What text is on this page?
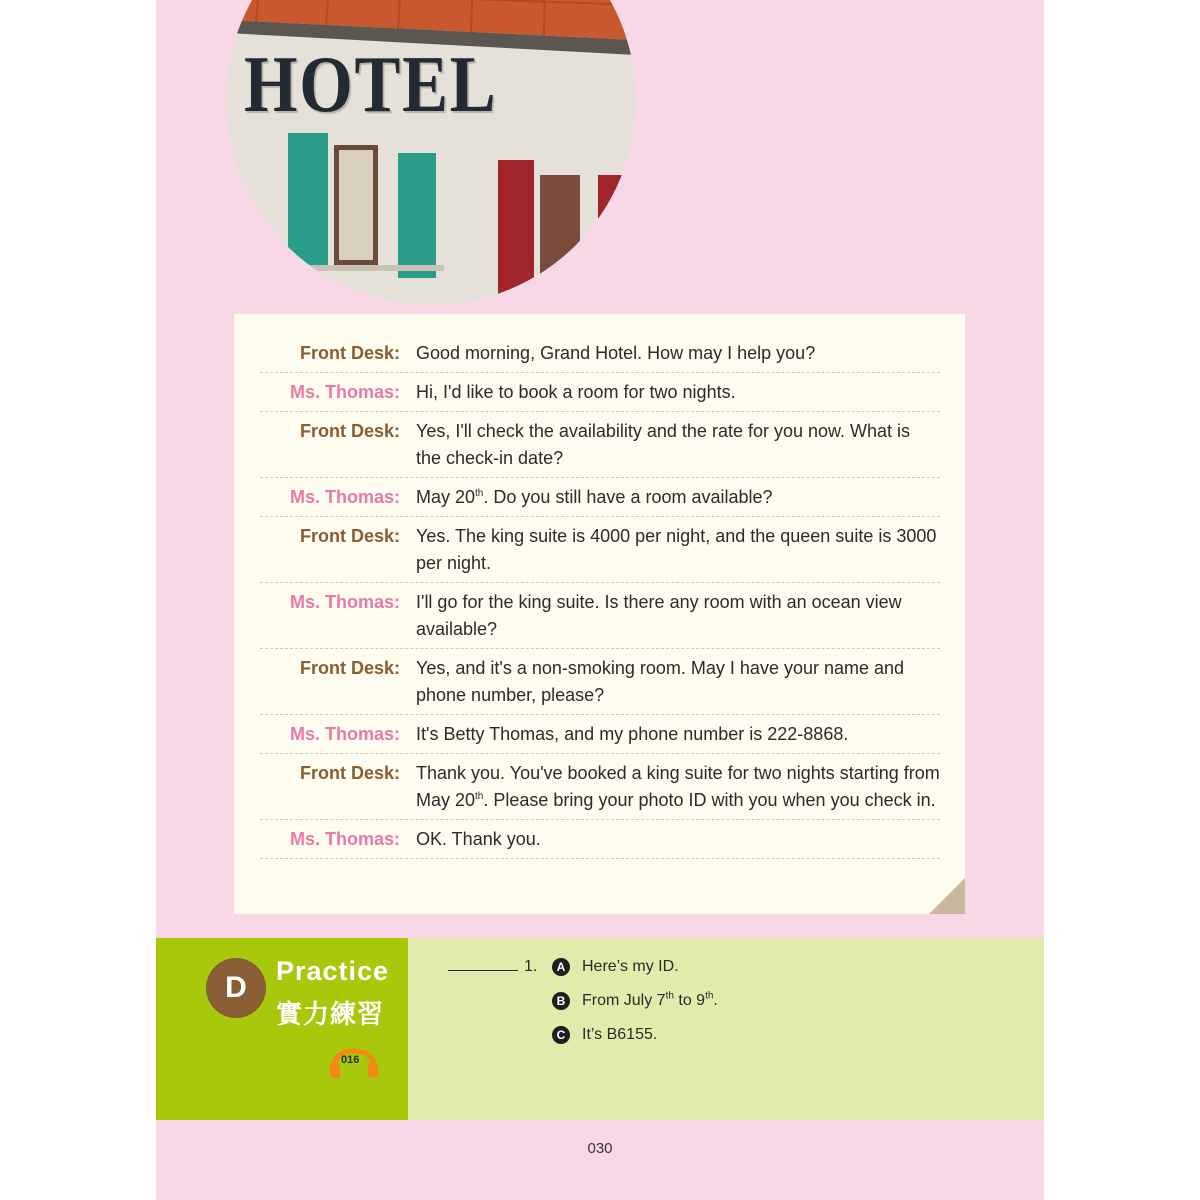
HOTEL
Front Desk: Good morning, Grand Hotel. How may I help you?
Ms. Thomas: Hi, I'd like to book a room for two nights.
Front Desk: Yes, I'll check the availability and the rate for you now. What is the check-in date?
Ms. Thomas: May 20th. Do you still have a room available?
Front Desk: Yes. The king suite is 4000 per night, and the queen suite is 3000 per night.
Ms. Thomas: I'll go for the king suite. Is there any room with an ocean view available?
Front Desk: Yes, and it's a non-smoking room. May I have your name and phone number, please?
Ms. Thomas: It's Betty Thomas, and my phone number is 222-8868.
Front Desk: Thank you. You've booked a king suite for two nights starting from May 20th. Please bring your photo ID with you when you check in.
Ms. Thomas: OK. Thank you.
D	Practice
實力練習
016
1.	A Here’s my ID.
B From July 7th to 9th.
C It’s B6155.
030
